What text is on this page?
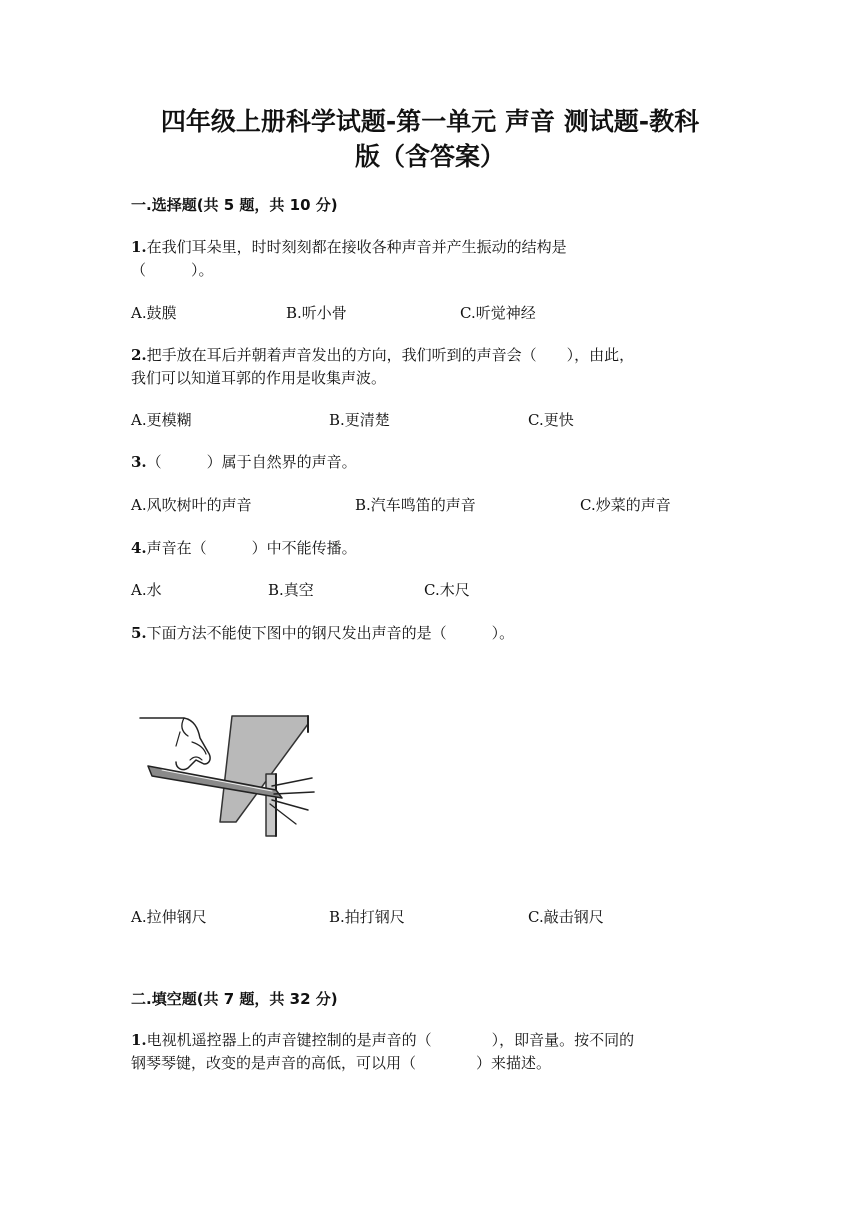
四年级上册科学试题-第一单元 声音 测试题-教科
版（含答案）
一.选择题(共 5 题，共 10 分)
1.在我们耳朵里，时时刻刻都在接收各种声音并产生振动的结构是
（　　　）。
A.鼓膜	B.听小骨	C.听觉神经
2.把手放在耳后并朝着声音发出的方向，我们听到的声音会（　　），由此，
我们可以知道耳郭的作用是收集声波。
A.更模糊	B.更清楚	C.更快
3.（　　　）属于自然界的声音。
A.风吹树叶的声音	B.汽车鸣笛的声音	C.炒菜的声音
4.声音在（　　　）中不能传播。
A.水	B.真空	C.木尺
5.下面方法不能使下图中的钢尺发出声音的是（　　　）。
A.拉伸钢尺	B.拍打钢尺	C.敲击钢尺
二.填空题(共 7 题，共 32 分)
1.电视机遥控器上的声音键控制的是声音的（　　　　），即音量。按不同的
钢琴琴键，改变的是声音的高低，可以用（　　　　）来描述。
